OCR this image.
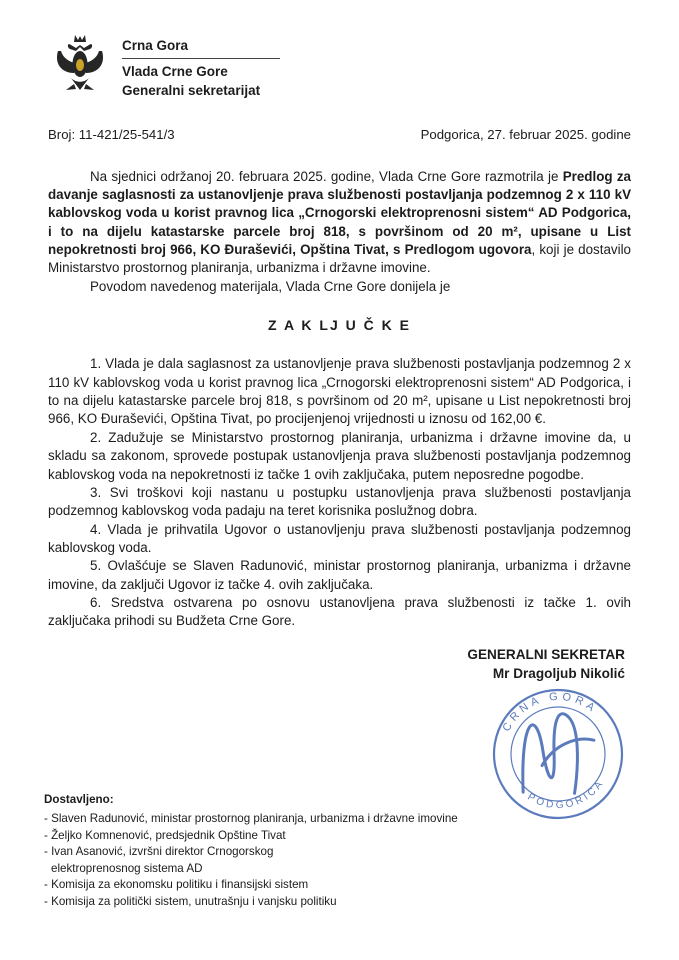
Crna Gora
Vlada Crne Gore
Generalni sekretarijat
Broj: 11-421/25-541/3	Podgorica, 27. februar 2025. godine

Na sjednici održanoj 20. februara 2025. godine, Vlada Crne Gore razmotrila je Predlog za davanje saglasnosti za ustanovljenje prava službenosti postavljanja podzemnog 2 x 110 kV kablovskog voda u korist pravnog lica „Crnogorski elektroprenosni sistem“ AD Podgorica, i to na dijelu katastarske parcele broj 818, s površinom od 20 m², upisane u List nepokretnosti broj 966, KO Đuraševići, Opština Tivat, s Predlogom ugovora, koji je dostavilo Ministarstvo prostornog planiranja, urbanizma i državne imovine.

Povodom navedenog materijala, Vlada Crne Gore donijela je

Z A K LJ U Č K E

1. Vlada je dala saglasnost za ustanovljenje prava službenosti postavljanja podzemnog 2 x 110 kV kablovskog voda u korist pravnog lica „Crnogorski elektroprenosni sistem“ AD Podgorica, i to na dijelu katastarske parcele broj 818, s površinom od 20 m², upisane u List nepokretnosti broj 966, KO Đuraševići, Opština Tivat, po procijenjenoj vrijednosti u iznosu od 162,00 €.

2. Zadužuje se Ministarstvo prostornog planiranja, urbanizma i državne imovine da, u skladu sa zakonom, sprovede postupak ustanovljenja prava službenosti postavljanja podzemnog kablovskog voda na nepokretnosti iz tačke 1 ovih zaključaka, putem neposredne pogodbe.

3. Svi troškovi koji nastanu u postupku ustanovljenja prava službenosti postavljanja podzemnog kablovskog voda padaju na teret korisnika poslužnog dobra.

4. Vlada je prihvatila Ugovor o ustanovljenju prava službenosti postavljanja podzemnog kablovskog voda.

5. Ovlašćuje se Slaven Radunović, ministar prostornog planiranja, urbanizma i državne imovine, da zaključi Ugovor iz tačke 4. ovih zaključaka.

6. Sredstva ostvarena po osnovu ustanovljena prava službenosti iz tačke 1. ovih zaključaka prihodi su Budžeta Crne Gore.

GENERALNI SEKRETAR
Mr Dragoljub Nikolić
CRNA GORA
PODGORICA
Dostavljeno:
- Slaven Radunović, ministar prostornog planiranja, urbanizma i državne imovine
- Željko Komnenović, predsjednik Opštine Tivat
- Ivan Asanović, izvršni direktor Crnogorskog
elektroprenosnog sistema AD
- Komisija za ekonomsku politiku i finansijski sistem
- Komisija za politički sistem, unutrašnju i vanjsku politiku
